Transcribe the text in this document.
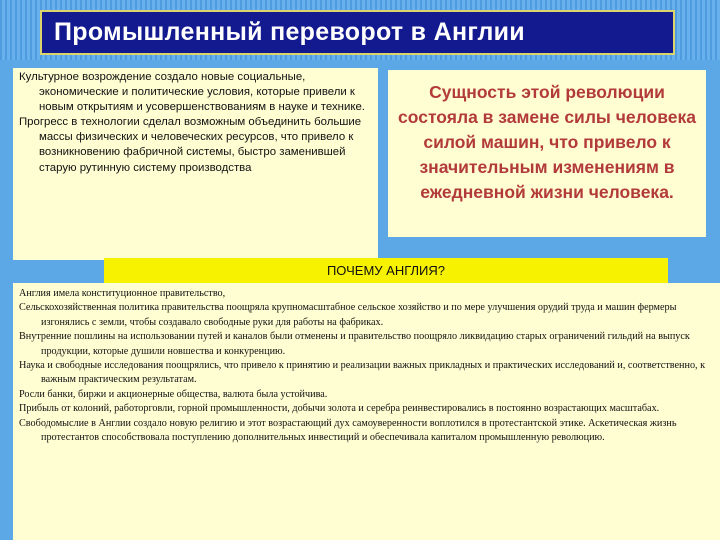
Промышленный переворот в Англии

Культурное возрождение создало новые социальные, экономические и политические условия, которые привели к новым открытиям и усовершенствованиям в науке и технике.

Прогресс в технологии сделал возможным объединить большие массы физических и человеческих ресурсов, что привело к возникновению фабричной системы, быстро заменившей старую рутинную систему производства

Сущность этой революции состояла в замене силы человека силой машин, что привело к значительным изменениям в ежедневной жизни человека.

ПОЧЕМУ АНГЛИЯ?

Англия имела конституционное правительство,

Сельскохозяйственная политика правительства поощряла крупномасштабное сельское хозяйство и по мере улучшения орудий труда и машин фермеры изгонялись с земли, чтобы создавало свободные руки для работы на фабриках.

Внутренние пошлины на использовании путей и каналов были отменены и правительство поощряло ликвидацию старых ограничений гильдий на выпуск продукции, которые душили новшества и конкуренцию.

Наука и свободные исследования поощрялись, что привело к принятию и реализации важных прикладных и практических исследований и, соответственно, к важным практическим результатам.

Росли банки, биржи и акционерные общества, валюта была устойчива.

Прибыль от колоний, работорговли, горной промышленности, добычи золота и серебра реинвестировались в постоянно возрастающих масштабах.

Свободомыслие в Англии создало новую религию и этот возрастающий дух самоуверенности воплотился в протестантской этике. Аскетическая жизнь протестантов способствовала поступлению дополнительных инвестиций и обеспечивала капиталом промышленную революцию.
